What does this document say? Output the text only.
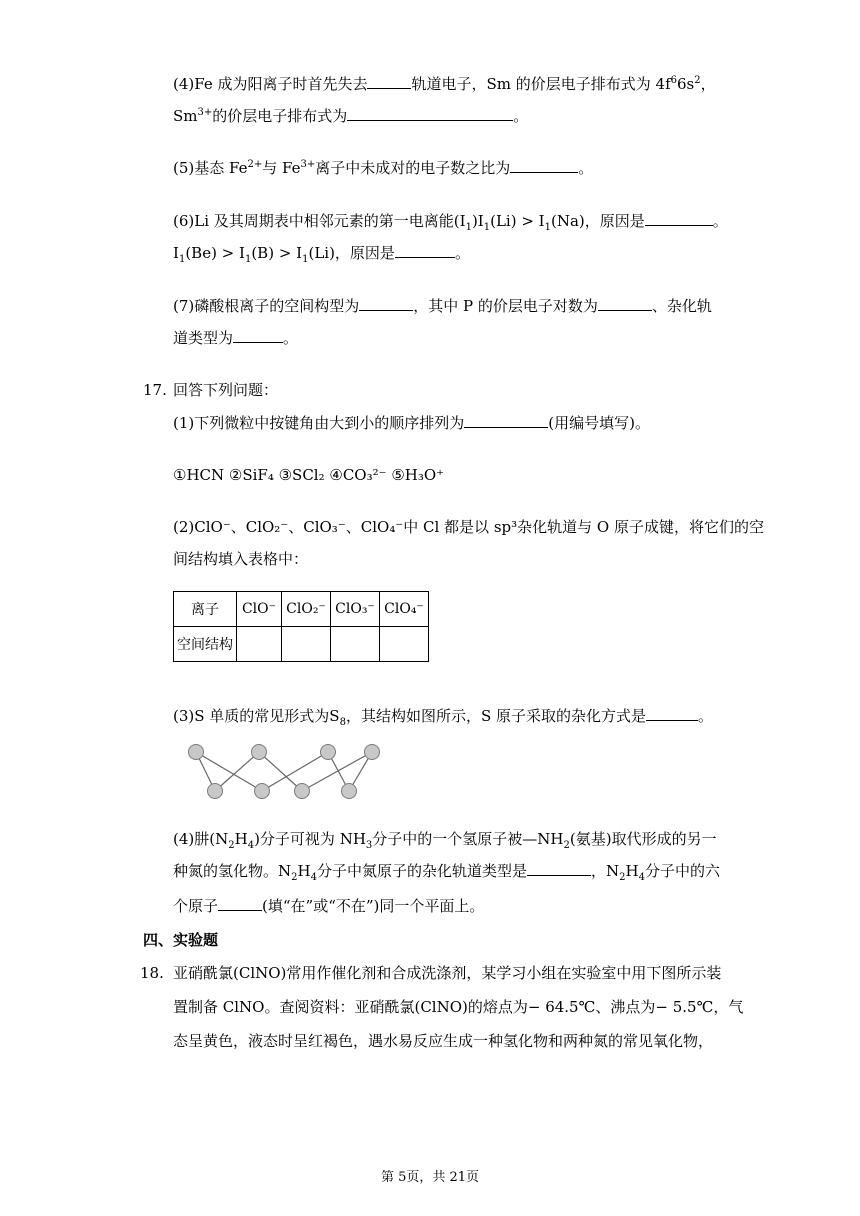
(4)Fe 成为阳离子时首先失去	轨道电子，Sm 的价层电子排布式为 $4f^66s^2$，
$Sm^{3+}$的价层电子排布式为	。
(5)基态 $Fe^{2+}$与 $Fe^{3+}$离子中未成对的电子数之比为	。
(6)Li 及其周期表中相邻元素的第一电离能$(I_1)I_1(Li) > I_1(Na)$，原因是	。
$I_1(Be) > I_1(B) > I_1(Li)$，原因是	。
(7)磷酸根离子的空间构型为	，其中 P 的价层电子对数为	、杂化轨
道类型为	。
17. 回答下列问题：
(1)下列微粒中按键角由大到小的顺序排列为	(用编号填写)。
①HCN ②SiF₄ ③SCl₂ ④CO₃²⁻ ⑤H₃O⁺
(2)ClO⁻、ClO₂⁻、ClO₃⁻、ClO₄⁻中 Cl 都是以 sp³杂化轨道与 O 原子成键，将它们的空
间结构填入表格中：
离子	ClO⁻	ClO₂⁻	ClO₃⁻	ClO₄⁻
空间结构				
(3)S 单质的常见形式为$S_8$，其结构如图所示，S 原子采取的杂化方式是	。
(4)肼$(N_2H_4)$分子可视为 $NH_3$分子中的一个氢原子被$—NH_2$(氨基)取代形成的另一
种氮的氢化物。$N_2H_4$分子中氮原子的杂化轨道类型是	，$N_2H_4$分子中的六
个原子	(填“在”或“不在”)同一个平面上。
四、实验题
18. 亚硝酰氯(ClNO)常用作催化剂和合成洗涤剂，某学习小组在实验室中用下图所示装
置制备 ClNO。查阅资料：亚硝酰氯(ClNO)的熔点为− 64.5℃、沸点为− 5.5℃，气
态呈黄色，液态时呈红褐色，遇水易反应生成一种氢化物和两种氮的常见氧化物，
第 5页，共 21页
